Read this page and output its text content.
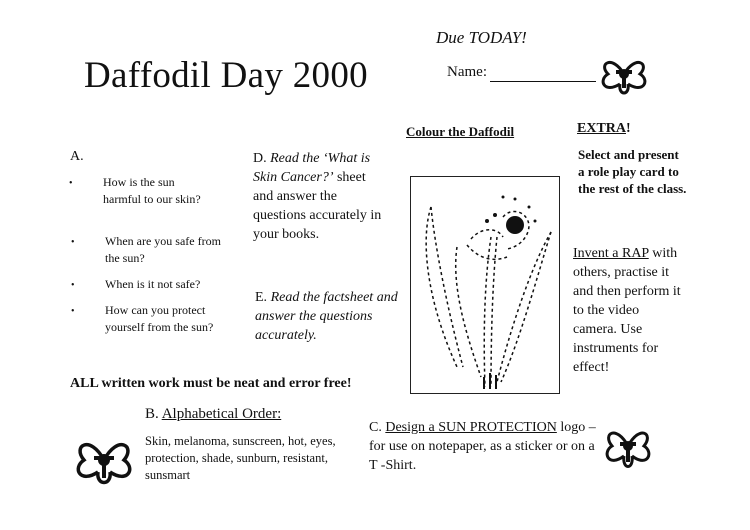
Daffodil Day 2000
Due TODAY!
Name:
Colour the Daffodil	EXTRA!
A.
•	How is the sun harmful to our skin?
•	When are you safe from the sun?
•	When is it not safe?
•	How can you protect yourself from the sun?
D. Read the ‘What is Skin Cancer?’ sheet and answer the questions accurately in your books.
E. Read the factsheet and answer the questions accurately.
Select and present a role play card to the rest of the class.
Invent a RAP with others, practise it and then perform it to the video camera. Use instruments for effect!
ALL written work must be neat and error free!
B. Alphabetical Order:
Skin, melanoma, sunscreen, hot, eyes, protection, shade, sunburn, resistant, sunsmart
C. Design a SUN PROTECTION logo – for use on notepaper, as a sticker or on a T -Shirt.
